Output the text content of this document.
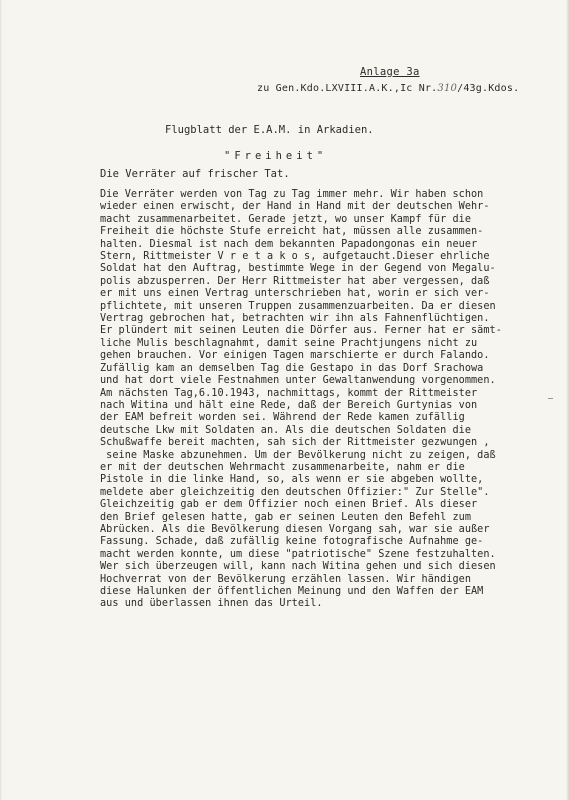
Anlage 3a
zu Gen.Kdo.LXVIII.A.K.,Ic Nr.310/43g.Kdos.
Flugblatt der E.A.M. in Arkadien.
"Freiheit"
Die Verräter auf frischer Tat.
Die Verräter werden von Tag zu Tag immer mehr. Wir haben schon
wieder einen erwischt, der Hand in Hand mit der deutschen Wehr-
macht zusammenarbeitet. Gerade jetzt, wo unser Kampf für die
Freiheit die höchste Stufe erreicht hat, müssen alle zusammen-
halten. Diesmal ist nach dem bekannten Papadongonas ein neuer
Stern, Rittmeister V r e t a k o s, aufgetaucht.Dieser ehrliche
Soldat hat den Auftrag, bestimmte Wege in der Gegend von Megalu-
polis abzusperren. Der Herr Rittmeister hat aber vergessen, daß
er mit uns einen Vertrag unterschrieben hat, worin er sich ver-
pflichtete, mit unseren Truppen zusammenzuarbeiten. Da er diesen
Vertrag gebrochen hat, betrachten wir ihn als Fahnenflüchtigen.
Er plündert mit seinen Leuten die Dörfer aus. Ferner hat er sämt-
liche Mulis beschlagnahmt, damit seine Prachtjungens nicht zu
gehen brauchen. Vor einigen Tagen marschierte er durch Falando.
Zufällig kam an demselben Tag die Gestapo in das Dorf Srachowa
und hat dort viele Festnahmen unter Gewaltanwendung vorgenommen.
Am nächsten Tag,6.10.1943, nachmittags, kommt der Rittmeister
nach Witina und hält eine Rede, daß der Bereich Gurtynias von
der EAM befreit worden sei. Während der Rede kamen zufällig
deutsche Lkw mit Soldaten an. Als die deutschen Soldaten die
Schußwaffe bereit machten, sah sich der Rittmeister gezwungen ,
seine Maske abzunehmen. Um der Bevölkerung nicht zu zeigen, daß
er mit der deutschen Wehrmacht zusammenarbeite, nahm er die
Pistole in die linke Hand, so, als wenn er sie abgeben wollte,
meldete aber gleichzeitig den deutschen Offizier:" Zur Stelle".
Gleichzeitig gab er dem Offizier noch einen Brief. Als dieser
den Brief gelesen hatte, gab er seinen Leuten den Befehl zum
Abrücken. Als die Bevölkerung diesen Vorgang sah, war sie außer
Fassung. Schade, daß zufällig keine fotografische Aufnahme ge-
macht werden konnte, um diese "patriotische" Szene festzuhalten.
Wer sich überzeugen will, kann nach Witina gehen und sich diesen
Hochverrat von der Bevölkerung erzählen lassen. Wir händigen
diese Halunken der öffentlichen Meinung und den Waffen der EAM
aus und überlassen ihnen das Urteil.
